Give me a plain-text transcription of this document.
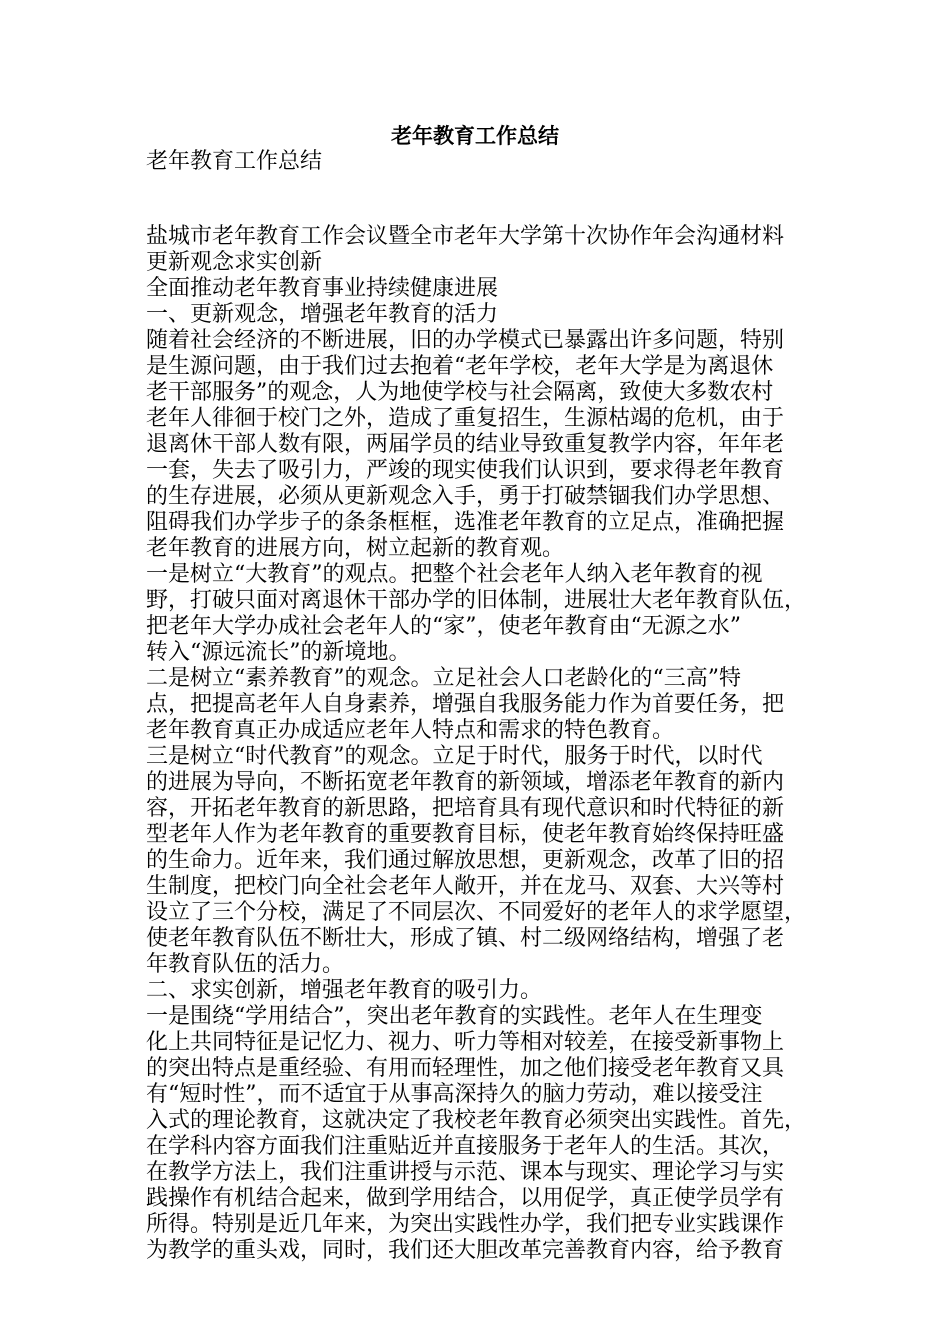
老年教育工作总结
老年教育工作总结
盐城市老年教育工作会议暨全市老年大学第十次协作年会沟通材料
更新观念求实创新
全面推动老年教育事业持续健康进展
一、更新观念，增强老年教育的活力
随着社会经济的不断进展，旧的办学模式已暴露出许多问题，特别
是生源问题，由于我们过去抱着“老年学校，老年大学是为离退休
老干部服务”的观念，人为地使学校与社会隔离，致使大多数农村
老年人徘徊于校门之外，造成了重复招生，生源枯竭的危机，由于
退离休干部人数有限，两届学员的结业导致重复教学内容，年年老
一套，失去了吸引力，严竣的现实使我们认识到，要求得老年教育
的生存进展，必须从更新观念入手，勇于打破禁锢我们办学思想、
阻碍我们办学步子的条条框框，选准老年教育的立足点，准确把握
老年教育的进展方向，树立起新的教育观。
一是树立“大教育”的观点。把整个社会老年人纳入老年教育的视
野，打破只面对离退休干部办学的旧体制，进展壮大老年教育队伍，
把老年大学办成社会老年人的“家”，使老年教育由“无源之水”
转入“源远流长”的新境地。
二是树立“素养教育”的观念。立足社会人口老龄化的“三高”特
点，把提高老年人自身素养，增强自我服务能力作为首要任务，把
老年教育真正办成适应老年人特点和需求的特色教育。
三是树立“时代教育”的观念。立足于时代，服务于时代，以时代
的进展为导向，不断拓宽老年教育的新领域，增添老年教育的新内
容，开拓老年教育的新思路，把培育具有现代意识和时代特征的新
型老年人作为老年教育的重要教育目标，使老年教育始终保持旺盛
的生命力。近年来，我们通过解放思想，更新观念，改革了旧的招
生制度，把校门向全社会老年人敞开，并在龙马、双套、大兴等村
设立了三个分校，满足了不同层次、不同爱好的老年人的求学愿望，
使老年教育队伍不断壮大，形成了镇、村二级网络结构，增强了老
年教育队伍的活力。
二、求实创新，增强老年教育的吸引力。
一是围绕“学用结合”，突出老年教育的实践性。老年人在生理变
化上共同特征是记忆力、视力、听力等相对较差，在接受新事物上
的突出特点是重经验、有用而轻理性，加之他们接受老年教育又具
有“短时性”，而不适宜于从事高深持久的脑力劳动，难以接受注
入式的理论教育，这就决定了我校老年教育必须突出实践性。首先，
在学科内容方面我们注重贴近并直接服务于老年人的生活。其次，
在教学方法上，我们注重讲授与示范、课本与现实、理论学习与实
践操作有机结合起来，做到学用结合，以用促学，真正使学员学有
所得。特别是近几年来，为突出实践性办学，我们把专业实践课作
为教学的重头戏，同时，我们还大胆改革完善教育内容，给予教育
